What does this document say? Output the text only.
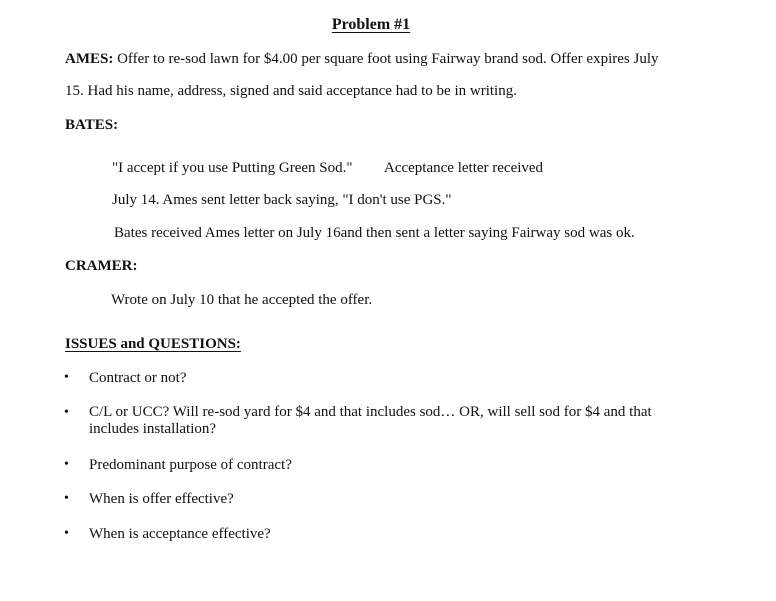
Problem #1
AMES: Offer to re-sod lawn for $4.00 per square foot using Fairway brand sod. Offer expires July
15. Had his name, address, signed and said acceptance had to be in writing.
BATES:
"I accept if you use Putting Green Sod." Acceptance letter received
July 14. Ames sent letter back saying, "I don't use PGS."
Bates received Ames letter on July 16and then sent a letter saying Fairway sod was ok.
CRAMER:
Wrote on July 10 that he accepted the offer.
ISSUES and QUESTIONS:
•	Contract or not?
•	C/L or UCC? Will re-sod yard for $4 and that includes sod… OR, will sell sod for $4 and that includes installation?
•	Predominant purpose of contract?
•	When is offer effective?
•	When is acceptance effective?
